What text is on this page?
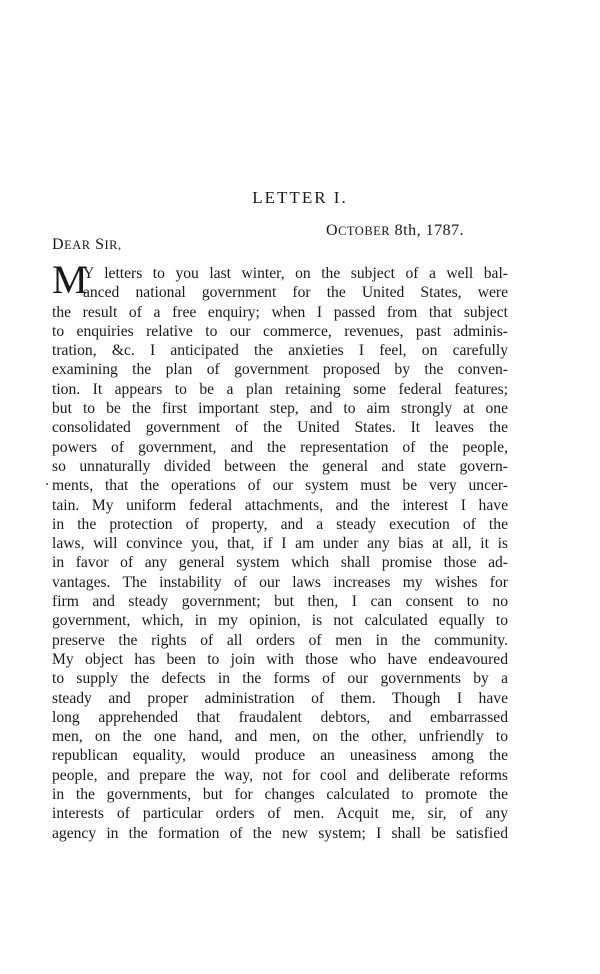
LETTER I.
OCTOBER 8th, 1787.
DEAR SIR,
M
Y letters to you last winter, on the subject of a well bal-
anced national government for the United States, were
the result of a free enquiry; when I passed from that subject
to enquiries relative to our commerce, revenues, past adminis-
tration, &c. I anticipated the anxieties I feel, on carefully
examining the plan of government proposed by the conven-
tion. It appears to be a plan retaining some federal features;
but to be the first important step, and to aim strongly at one
consolidated government of the United States. It leaves the
powers of government, and the representation of the people,
so unnaturally divided between the general and state govern-
ments, that the operations of our system must be very uncer-
tain. My uniform federal attachments, and the interest I have
in the protection of property, and a steady execution of the
laws, will convince you, that, if I am under any bias at all, it is
in favor of any general system which shall promise those ad-
vantages. The instability of our laws increases my wishes for
firm and steady government; but then, I can consent to no
government, which, in my opinion, is not calculated equally to
preserve the rights of all orders of men in the community.
My object has been to join with those who have endeavoured
to supply the defects in the forms of our governments by a
steady and proper administration of them. Though I have
long apprehended that fraudalent debtors, and embarrassed
men, on the one hand, and men, on the other, unfriendly to
republican equality, would produce an uneasiness among the
people, and prepare the way, not for cool and deliberate reforms
in the governments, but for changes calculated to promote the
interests of particular orders of men. Acquit me, sir, of any
agency in the formation of the new system; I shall be satisfied
